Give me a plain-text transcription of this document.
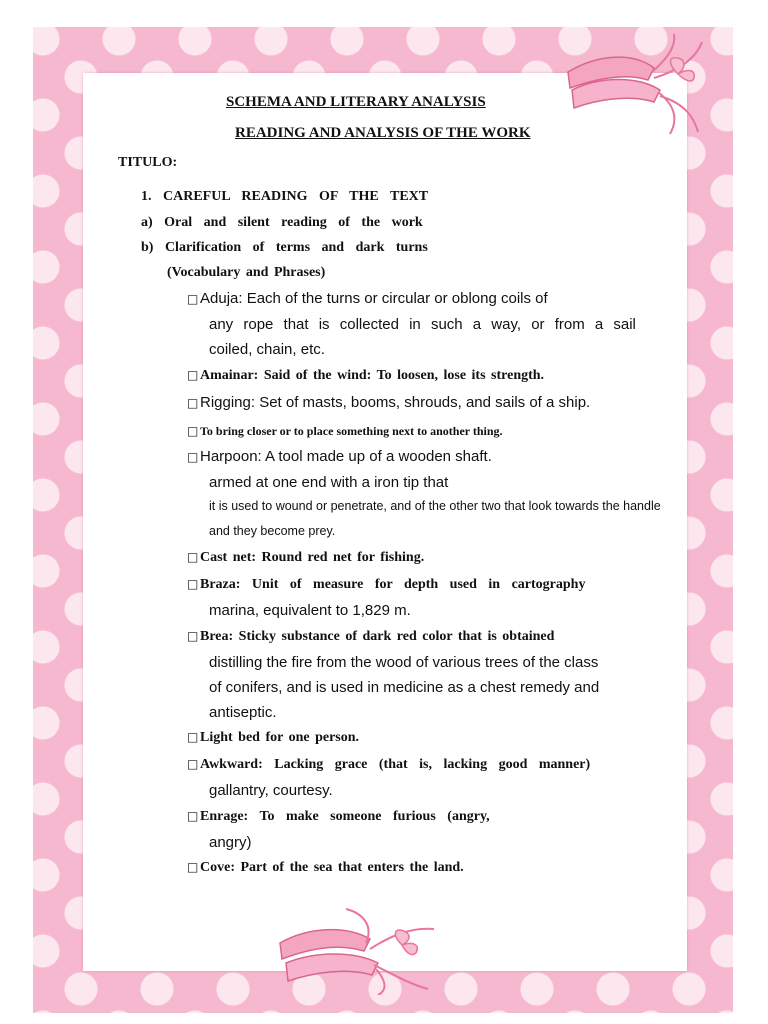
SCHEMA AND LITERARY ANALYSIS
READING AND ANALYSIS OF THE WORK
TITULO:
1. CAREFUL READING OF THE TEXT
a) Oral and silent reading of the work
b) Clarification of terms and dark turns
(Vocabulary and Phrases)
□ Aduja: Each of the turns or circular or oblong coils of
any rope that is collected in such a way, or from a sail
coiled, chain, etc.
□ Amainar: Said of the wind: To loosen, lose its strength.
□ Rigging: Set of masts, booms, shrouds, and sails of a ship.
□ To bring closer or to place something next to another thing.
□ Harpoon: A tool made up of a wooden shaft.
armed at one end with a iron tip that
it is used to wound or penetrate, and of the other two that look towards the handle
and they become prey.
□ Cast net: Round red net for fishing.
□ Braza: Unit of measure for depth used in cartography
marina, equivalent to 1,829 m.
□ Brea: Sticky substance of dark red color that is obtained
distilling the fire from the wood of various trees of the class
of conifers, and is used in medicine as a chest remedy and
antiseptic.
□ Light bed for one person.
□ Awkward: Lacking grace (that is, lacking good manner)
gallantry, courtesy.
□ Enrage: To make someone furious (angry,
angry)
□ Cove: Part of the sea that enters the land.
